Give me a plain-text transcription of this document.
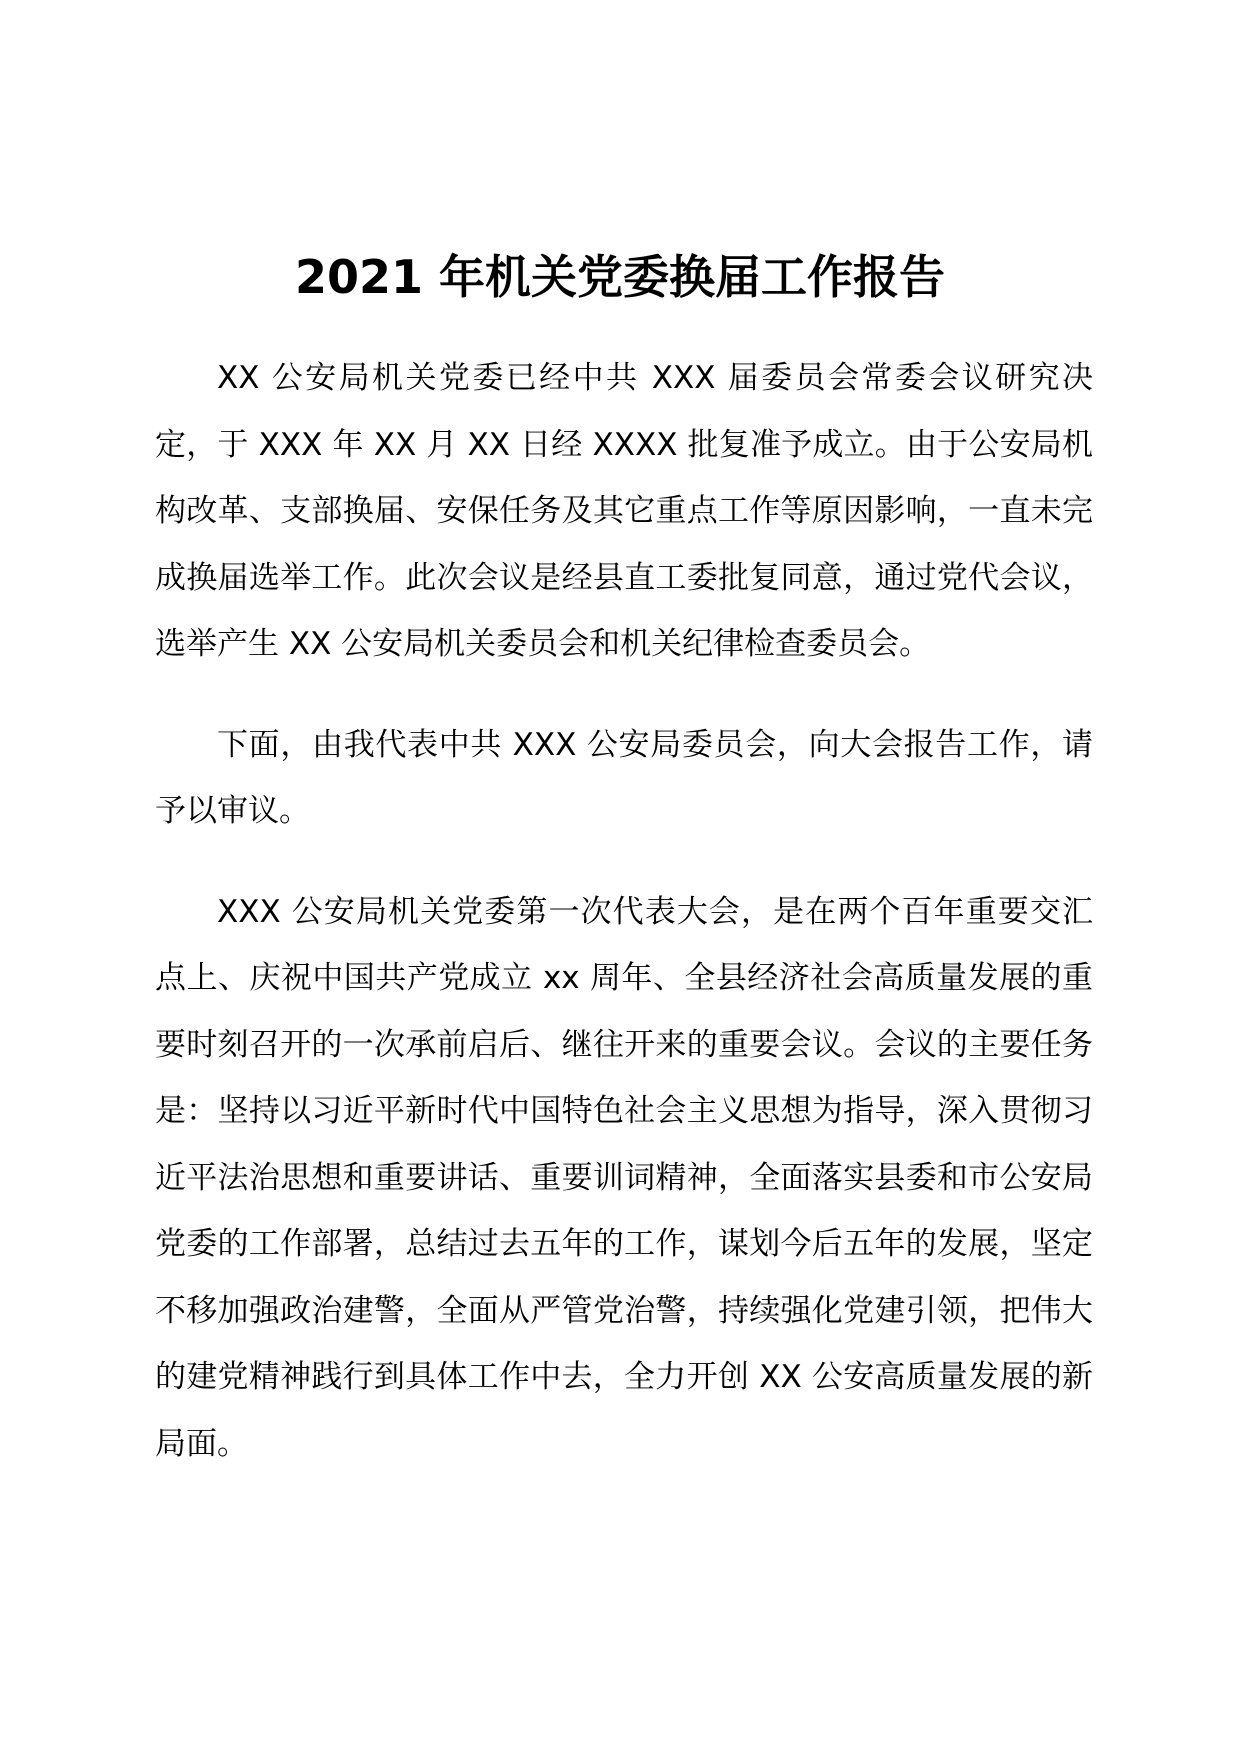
2021 年机关党委换届工作报告

XX 公安局机关党委已经中共 XXX 届委员会常委会议研究决定，于 XXX 年 XX 月 XX 日经 XXXX 批复准予成立。由于公安局机构改革、支部换届、安保任务及其它重点工作等原因影响，一直未完成换届选举工作。此次会议是经县直工委批复同意，通过党代会议，选举产生 XX 公安局机关委员会和机关纪律检查委员会。

下面，由我代表中共 XXX 公安局委员会，向大会报告工作，请予以审议。

XXX 公安局机关党委第一次代表大会，是在两个百年重要交汇点上、庆祝中国共产党成立 xx 周年、全县经济社会高质量发展的重要时刻召开的一次承前启后、继往开来的重要会议。会议的主要任务是：坚持以习近平新时代中国特色社会主义思想为指导，深入贯彻习近平法治思想和重要讲话、重要训词精神，全面落实县委和市公安局党委的工作部署，总结过去五年的工作，谋划今后五年的发展，坚定不移加强政治建警，全面从严管党治警，持续强化党建引领，把伟大的建党精神践行到具体工作中去，全力开创 XX 公安高质量发展的新局面。
